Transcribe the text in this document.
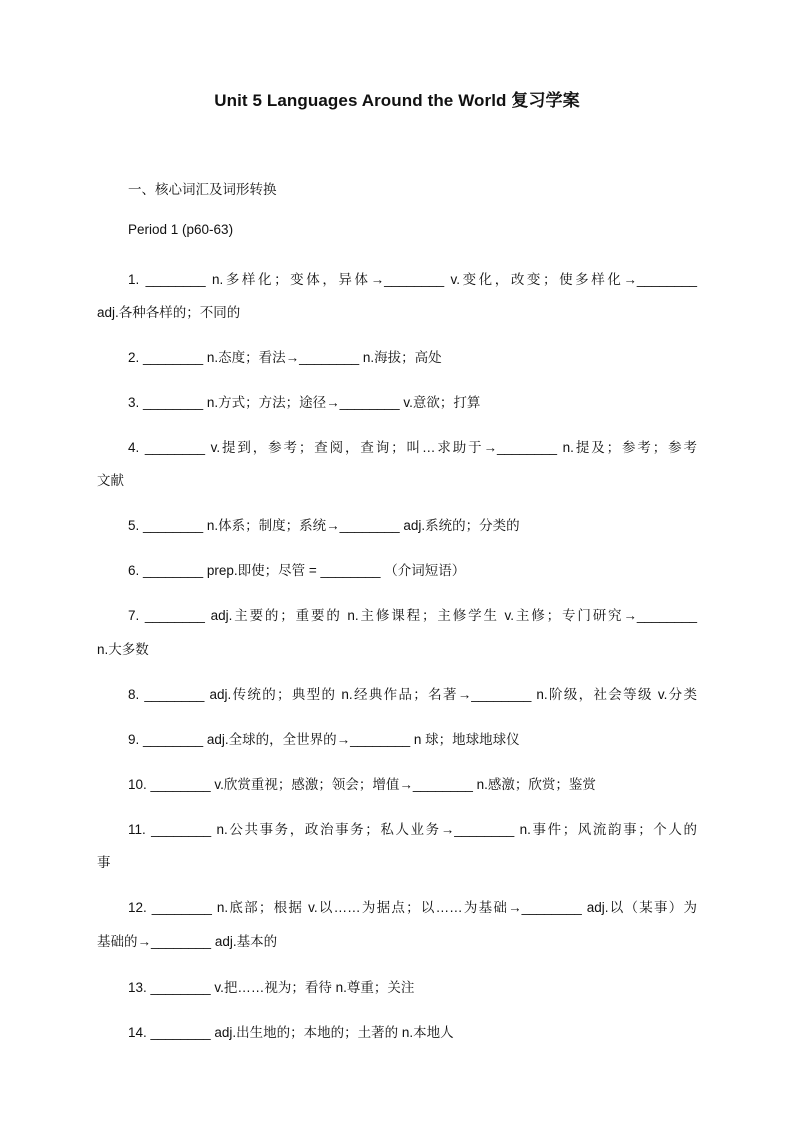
Unit 5 Languages Around the World 复习学案
一、核心词汇及词形转换
Period 1 (p60-63)
1. ________ n.多样化；变体，异体→________ v.变化，改变；使多样化→________
adj.各种各样的；不同的
2. ________ n.态度；看法→________ n.海拔；高处
3. ________ n.方式；方法；途径→________ v.意欲；打算
4. ________ v.提到，参考；查阅，查询；叫…求助于→________ n.提及；参考；参考
文献
5. ________ n.体系；制度；系统→________ adj.系统的；分类的
6. ________ prep.即使；尽管 = ________ （介词短语）
7. ________ adj.主要的；重要的 n.主修课程；主修学生 v.主修；专门研究→________
n.大多数
8. ________ adj.传统的；典型的 n.经典作品；名著→________ n.阶级，社会等级 v.分类
9. ________ adj.全球的，全世界的→________ n 球；地球地球仪
10. ________ v.欣赏重视；感激；领会；增值→________ n.感激；欣赏；鉴赏
11. ________ n.公共事务，政治事务；私人业务→________ n.事件；风流韵事；个人的
事
12. ________ n.底部；根据 v.以……为据点；以……为基础→________ adj.以（某事）为
基础的→________ adj.基本的
13. ________ v.把……视为；看待 n.尊重；关注
14. ________ adj.出生地的；本地的；土著的 n.本地人
